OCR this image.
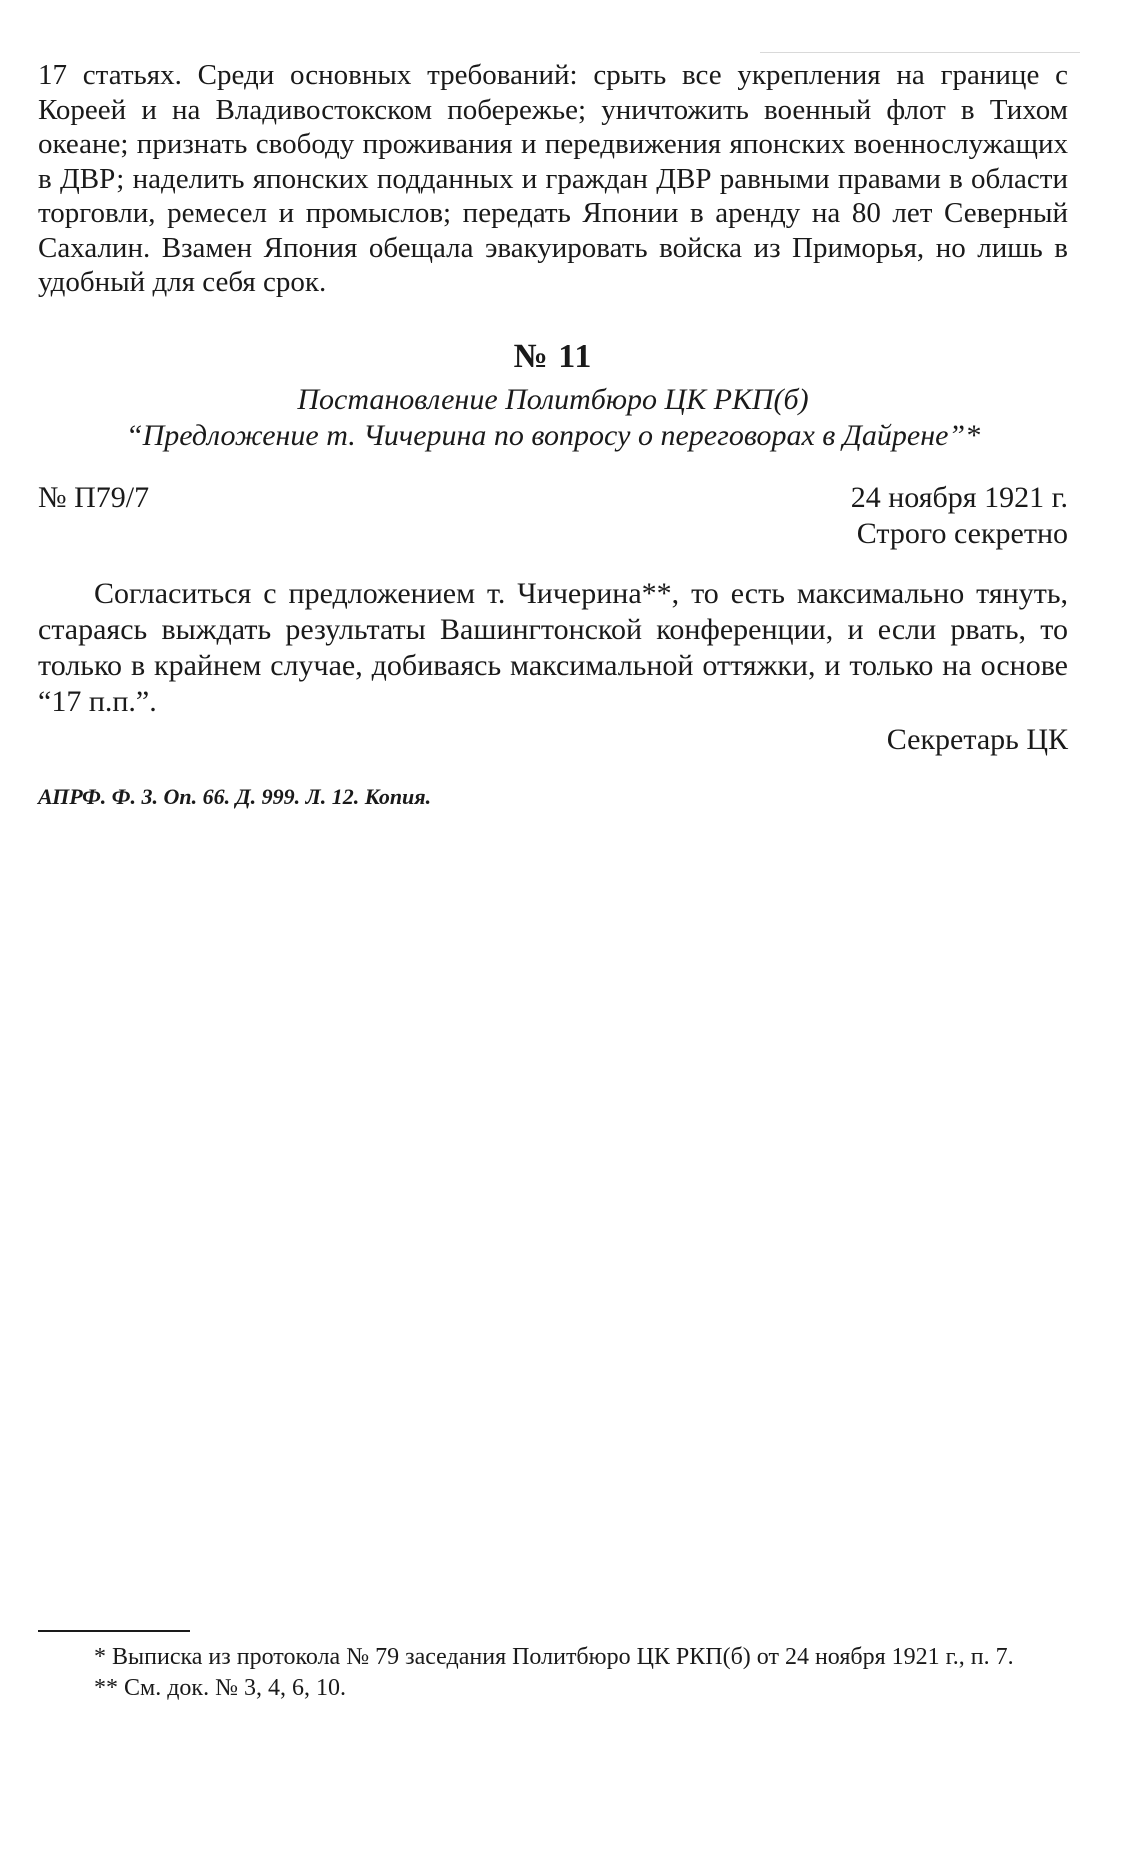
17 статьях. Среди основных требований: срыть все укрепления на границе с Кореей и на Владивостокском побережье; уничтожить военный флот в Тихом океане; признать свободу проживания и передвижения японских военнослужащих в ДВР; наделить японских подданных и граждан ДВР равными правами в области торговли, ремесел и промыслов; передать Японии в аренду на 80 лет Северный Сахалин. Взамен Япония обещала эвакуировать войска из Приморья, но лишь в удобный для себя срок.

№ 11

Постановление Политбюро ЦК РКП(б)

“Предложение т. Чичерина по вопросу о переговорах в Дайрене”*

№ П79/7	24 ноября 1921 г.

Строго секретно

Согласиться с предложением т. Чичерина**, то есть максимально тянуть, стараясь выждать результаты Вашингтонской конференции, и если рвать, то только в крайнем случае, добиваясь максимальной оттяжки, и только на основе “17 п.п.”.

Секретарь ЦК

АПРФ. Ф. 3. Оп. 66. Д. 999. Л. 12. Копия.

* Выписка из протокола № 79 заседания Политбюро ЦК РКП(б) от 24 ноября 1921 г., п. 7.

** См. док. № 3, 4, 6, 10.
